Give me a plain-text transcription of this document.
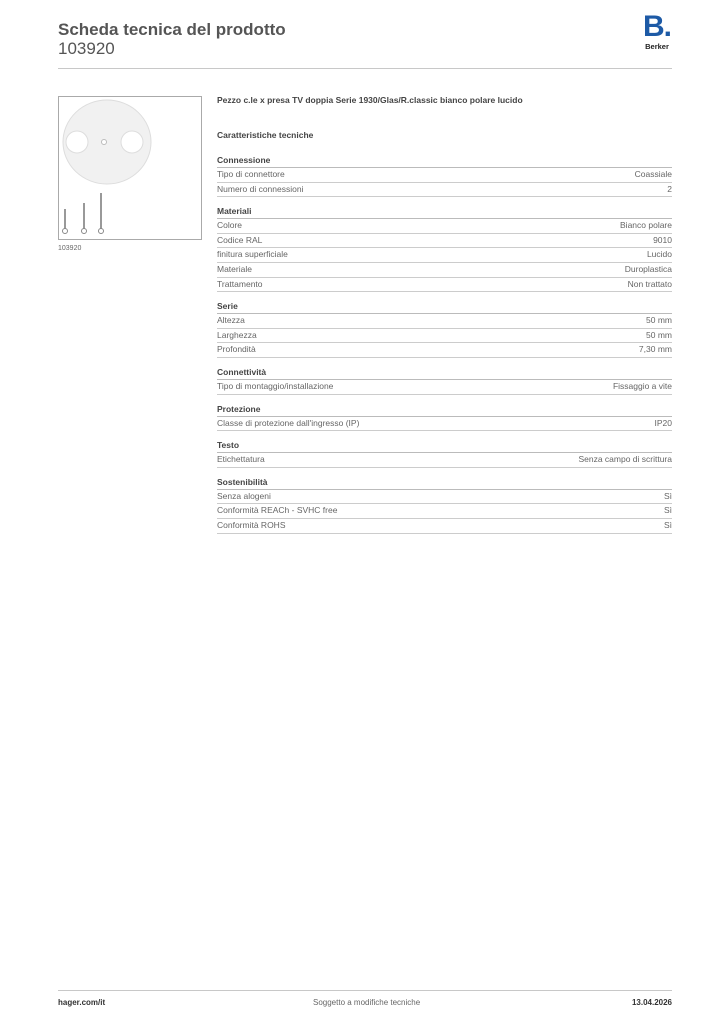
Scheda tecnica del prodotto
103920
B.
Berker
103920
Pezzo c.le x presa TV doppia Serie 1930/Glas/R.classic bianco polare lucido
Caratteristiche tecniche
Connessione
Tipo di connettore	Coassiale
Numero di connessioni	2
Materiali
Colore	Bianco polare
Codice RAL	9010
finitura superficiale	Lucido
Materiale	Duroplastica
Trattamento	Non trattato
Serie
Altezza	50 mm
Larghezza	50 mm
Profondità	7,30 mm
Connettività
Tipo di montaggio/installazione	Fissaggio a vite
Protezione
Classe di protezione dall'ingresso (IP)	IP20
Testo
Etichettatura	Senza campo di scrittura
Sostenibilità
Senza alogeni	Sì
Conformità REACh - SVHC free	Sì
Conformità ROHS	Sì
hager.com/it	Soggetto a modifiche tecniche	13.04.2026
